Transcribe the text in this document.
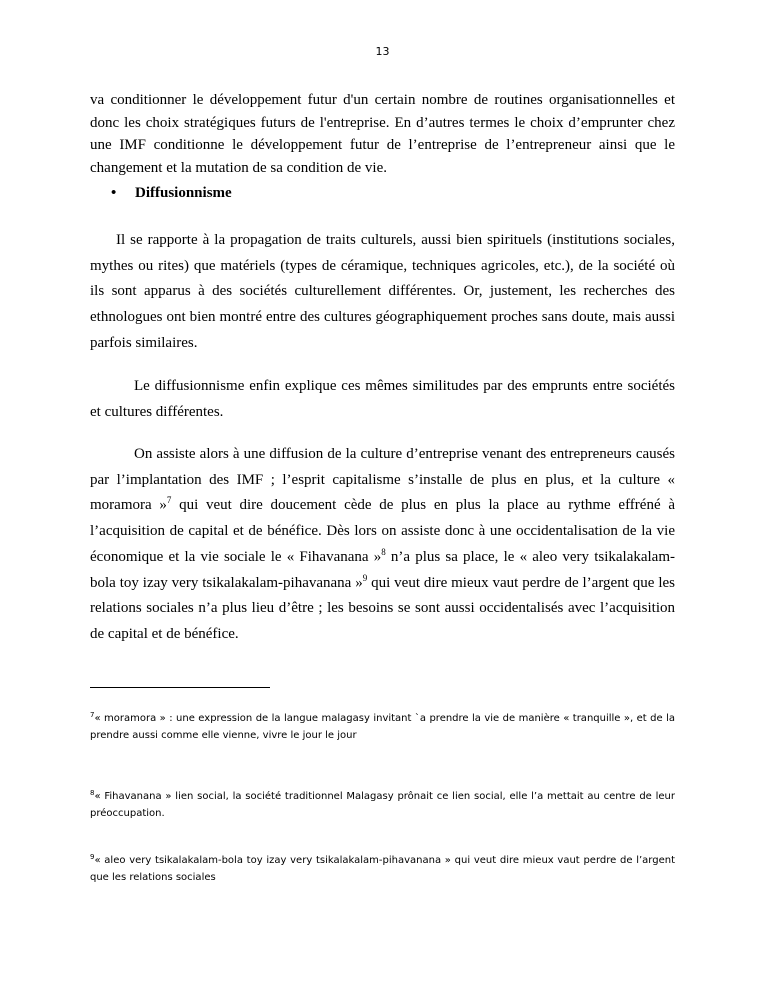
13

va conditionner le développement futur d'un certain nombre de routines organisationnelles et donc les choix stratégiques futurs de l'entreprise. En d’autres termes le choix d’emprunter chez une IMF conditionne le développement futur de l’entreprise de l’entrepreneur ainsi que le changement et la mutation de sa condition de vie.

• Diffusionnisme

Il se rapporte à la propagation de traits culturels, aussi bien spirituels (institutions sociales, mythes ou rites) que matériels (types de céramique, techniques agricoles, etc.), de la société où ils sont apparus à des sociétés culturellement différentes. Or, justement, les recherches des ethnologues ont bien montré entre des cultures géographiquement proches sans doute, mais aussi parfois similaires.

Le diffusionnisme enfin explique ces mêmes similitudes par des emprunts entre sociétés et cultures différentes.

On assiste alors à une diffusion de la culture d’entreprise venant des entrepreneurs causés par l’implantation des IMF ; l’esprit capitalisme s’installe de plus en plus, et la culture « moramora »$^7$ qui veut dire doucement cède de plus en plus la place au rythme effréné à l’acquisition de capital et de bénéfice. Dès lors on assiste donc à une occidentalisation de la vie économique et la vie sociale le « Fihavanana »$^8$ n’a plus sa place, le « aleo very tsikalakalam-bola toy izay very tsikalakalam-pihavanana »$^9$ qui veut dire mieux vaut perdre de l’argent que les relations sociales n’a plus lieu d’être ; les besoins se sont aussi occidentalisés avec l’acquisition de capital et de bénéfice.

$^7$« moramora » : une expression de la langue malagasy invitant `a prendre la vie de manière « tranquille », et de la prendre aussi comme elle vienne, vivre le jour le jour

$^8$« Fihavanana » lien social, la société traditionnel Malagasy prônait ce lien social, elle l’a mettait au centre de leur préoccupation.

$^9$« aleo very tsikalakalam-bola toy izay very tsikalakalam-pihavanana » qui veut dire mieux vaut perdre de l’argent que les relations sociales
